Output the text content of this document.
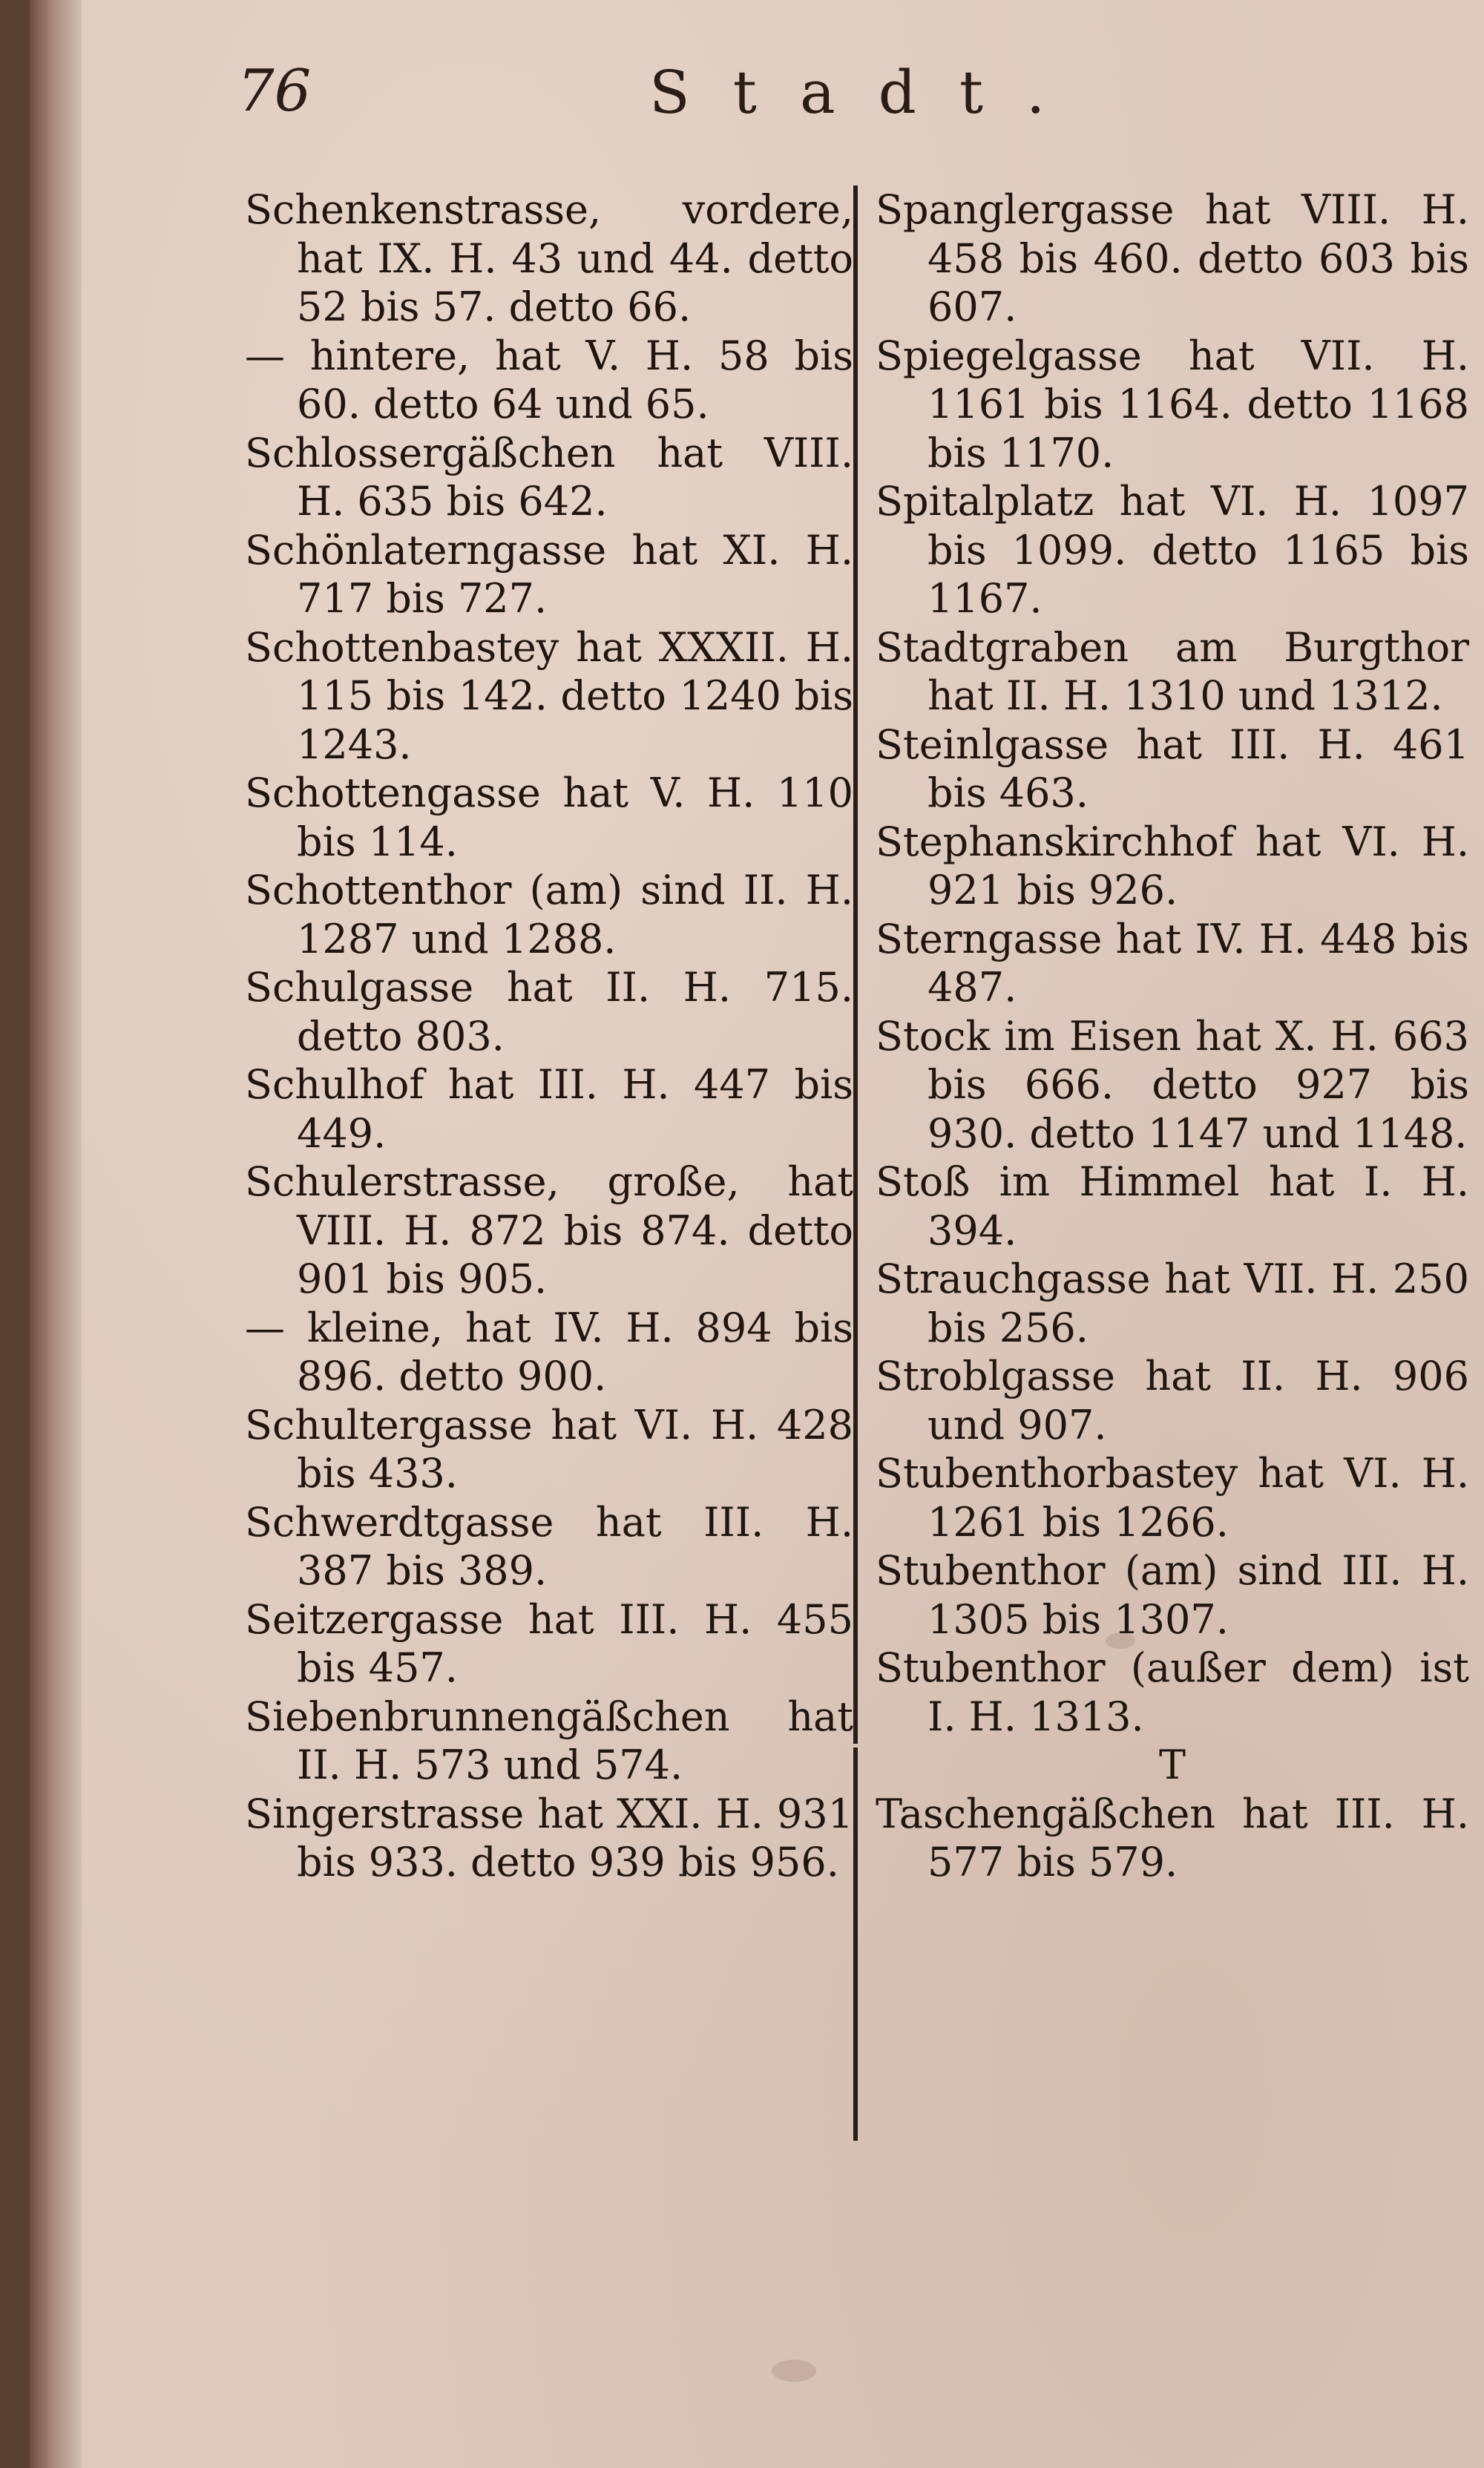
76	Stadt.

Schenkenstrasse, vordere, hat IX. H. 43 und 44. detto 52 bis 57. detto 66.

— hintere, hat V. H. 58 bis 60. detto 64 und 65.

Schlossergäßchen hat VIII. H. 635 bis 642.

Schönlaterngasse hat XI. H. 717 bis 727.

Schottenbastey hat XXXII. H. 115 bis 142. detto 1240 bis 1243.

Schottengasse hat V. H. 110 bis 114.

Schottenthor (am) sind II. H. 1287 und 1288.

Schulgasse hat II. H. 715. detto 803.

Schulhof hat III. H. 447 bis 449.

Schulerstrasse, große, hat VIII. H. 872 bis 874. detto 901 bis 905.

— kleine, hat IV. H. 894 bis 896. detto 900.

Schultergasse hat VI. H. 428 bis 433.

Schwerdtgasse hat III. H. 387 bis 389.

Seitzergasse hat III. H. 455 bis 457.

Siebenbrunnengäßchen hat II. H. 573 und 574.

Singerstrasse hat XXI. H. 931 bis 933. detto 939 bis 956.

Spanglergasse hat VIII. H. 458 bis 460. detto 603 bis 607.

Spiegelgasse hat VII. H. 1161 bis 1164. detto 1168 bis 1170.

Spitalplatz hat VI. H. 1097 bis 1099. detto 1165 bis 1167.

Stadtgraben am Burgthor hat II. H. 1310 und 1312.

Steinlgasse hat III. H. 461 bis 463.

Stephanskirchhof hat VI. H. 921 bis 926.

Sterngasse hat IV. H. 448 bis 487.

Stock im Eisen hat X. H. 663 bis 666. detto 927 bis 930. detto 1147 und 1148.

Stoß im Himmel hat I. H. 394.

Strauchgasse hat VII. H. 250 bis 256.

Stroblgasse hat II. H. 906 und 907.

Stubenthorbastey hat VI. H. 1261 bis 1266.

Stubenthor (am) sind III. H. 1305 bis 1307.

Stubenthor (außer dem) ist I. H. 1313.

T

Taschengäßchen hat III. H. 577 bis 579.
